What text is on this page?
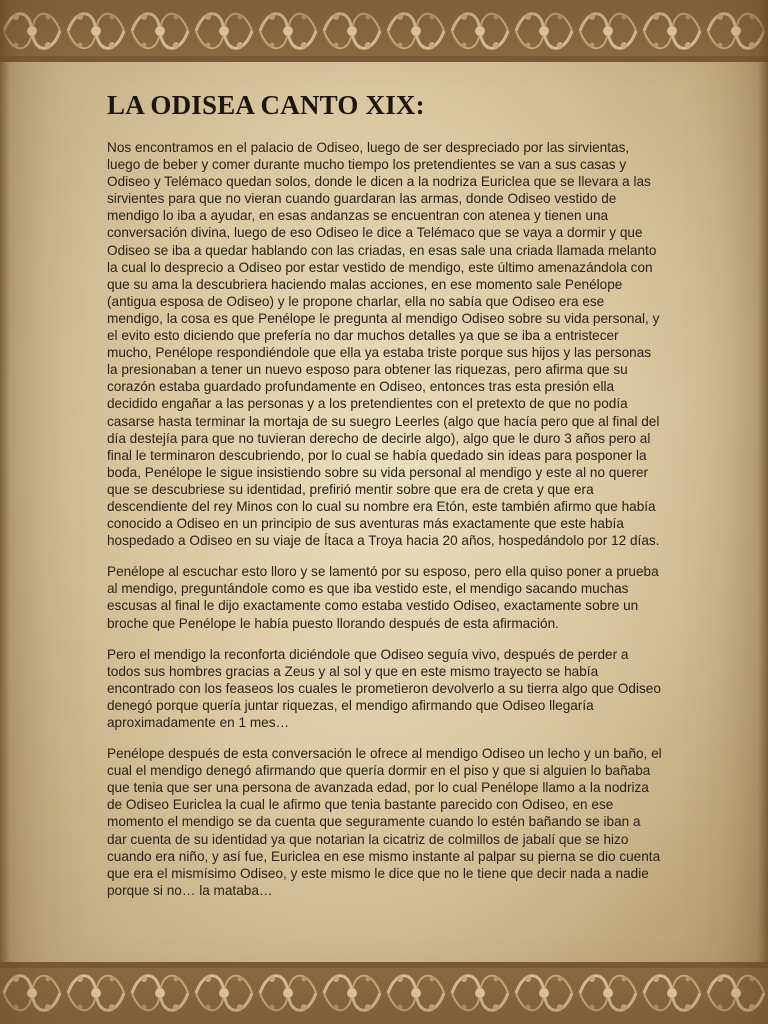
LA ODISEA CANTO XIX:

Nos encontramos en el palacio de Odiseo, luego de ser despreciado por las sirvientas, luego de beber y comer durante mucho tiempo los pretendientes se van a sus casas y Odiseo y Telémaco quedan solos, donde le dicen a la nodriza Euriclea que se llevara a las sirvientes para que no vieran cuando guardaran las armas, donde Odiseo vestido de mendigo lo iba a ayudar, en esas andanzas se encuentran con atenea y tienen una conversación divina, luego de eso Odiseo le dice a Telémaco que se vaya a dormir y que Odiseo se iba a quedar hablando con las criadas, en esas sale una criada llamada melanto la cual lo desprecio a Odiseo por estar vestido de mendigo, este último amenazándola con que su ama la descubriera haciendo malas acciones, en ese momento sale Penélope (antigua esposa de Odiseo) y le propone charlar, ella no sabía que Odiseo era ese mendigo, la cosa es que Penélope le pregunta al mendigo Odiseo sobre su vida personal, y el evito esto diciendo que prefería no dar muchos detalles ya que se iba a entristecer mucho, Penélope respondiéndole que ella ya estaba triste porque sus hijos y las personas la presionaban a tener un nuevo esposo para obtener las riquezas, pero afirma que su corazón estaba guardado profundamente en Odiseo, entonces tras esta presión ella decidido engañar a las personas y a los pretendientes con el pretexto de que no podía casarse hasta terminar la mortaja de su suegro Leerles (algo que hacía pero que al final del día destejía para que no tuvieran derecho de decirle algo), algo que le duro 3 años pero al final le terminaron descubriendo, por lo cual se había quedado sin ideas para posponer la boda, Penélope le sigue insistiendo sobre su vida personal al mendigo y este al no querer que se descubriese su identidad, prefirió mentir sobre que era de creta y que era descendiente del rey Minos con lo cual su nombre era Etón, este también afirmo que había conocido a Odiseo en un principio de sus aventuras más exactamente que este había hospedado a Odiseo en su viaje de Ítaca a Troya hacia 20 años, hospedándolo por 12 días.

Penélope al escuchar esto lloro y se lamentó por su esposo, pero ella quiso poner a prueba al mendigo, preguntándole como es que iba vestido este, el mendigo sacando muchas escusas al final le dijo exactamente como estaba vestido Odiseo, exactamente sobre un broche que Penélope le había puesto llorando después de esta afirmación.

Pero el mendigo la reconforta diciéndole que Odiseo seguía vivo, después de perder a todos sus hombres gracias a Zeus y al sol y que en este mismo trayecto se había encontrado con los feaseos los cuales le prometieron devolverlo a su tierra algo que Odiseo denegó porque quería juntar riquezas, el mendigo afirmando que Odiseo llegaría aproximadamente en 1 mes…

Penélope después de esta conversación le ofrece al mendigo Odiseo un lecho y un baño, el cual el mendigo denegó afirmando que quería dormir en el piso y que si alguien lo bañaba que tenia que ser una persona de avanzada edad, por lo cual Penélope llamo a la nodriza de Odiseo Euriclea la cual le afirmo que tenia bastante parecido con Odiseo, en ese momento el mendigo se da cuenta que seguramente cuando lo estén bañando se iban a dar cuenta de su identidad ya que notarian la cicatriz de colmillos de jabalí que se hizo cuando era niño, y así fue, Euriclea en ese mismo instante al palpar su pierna se dio cuenta que era el mismísimo Odiseo, y este mismo le dice que no le tiene que decir nada a nadie porque si no… la mataba…
